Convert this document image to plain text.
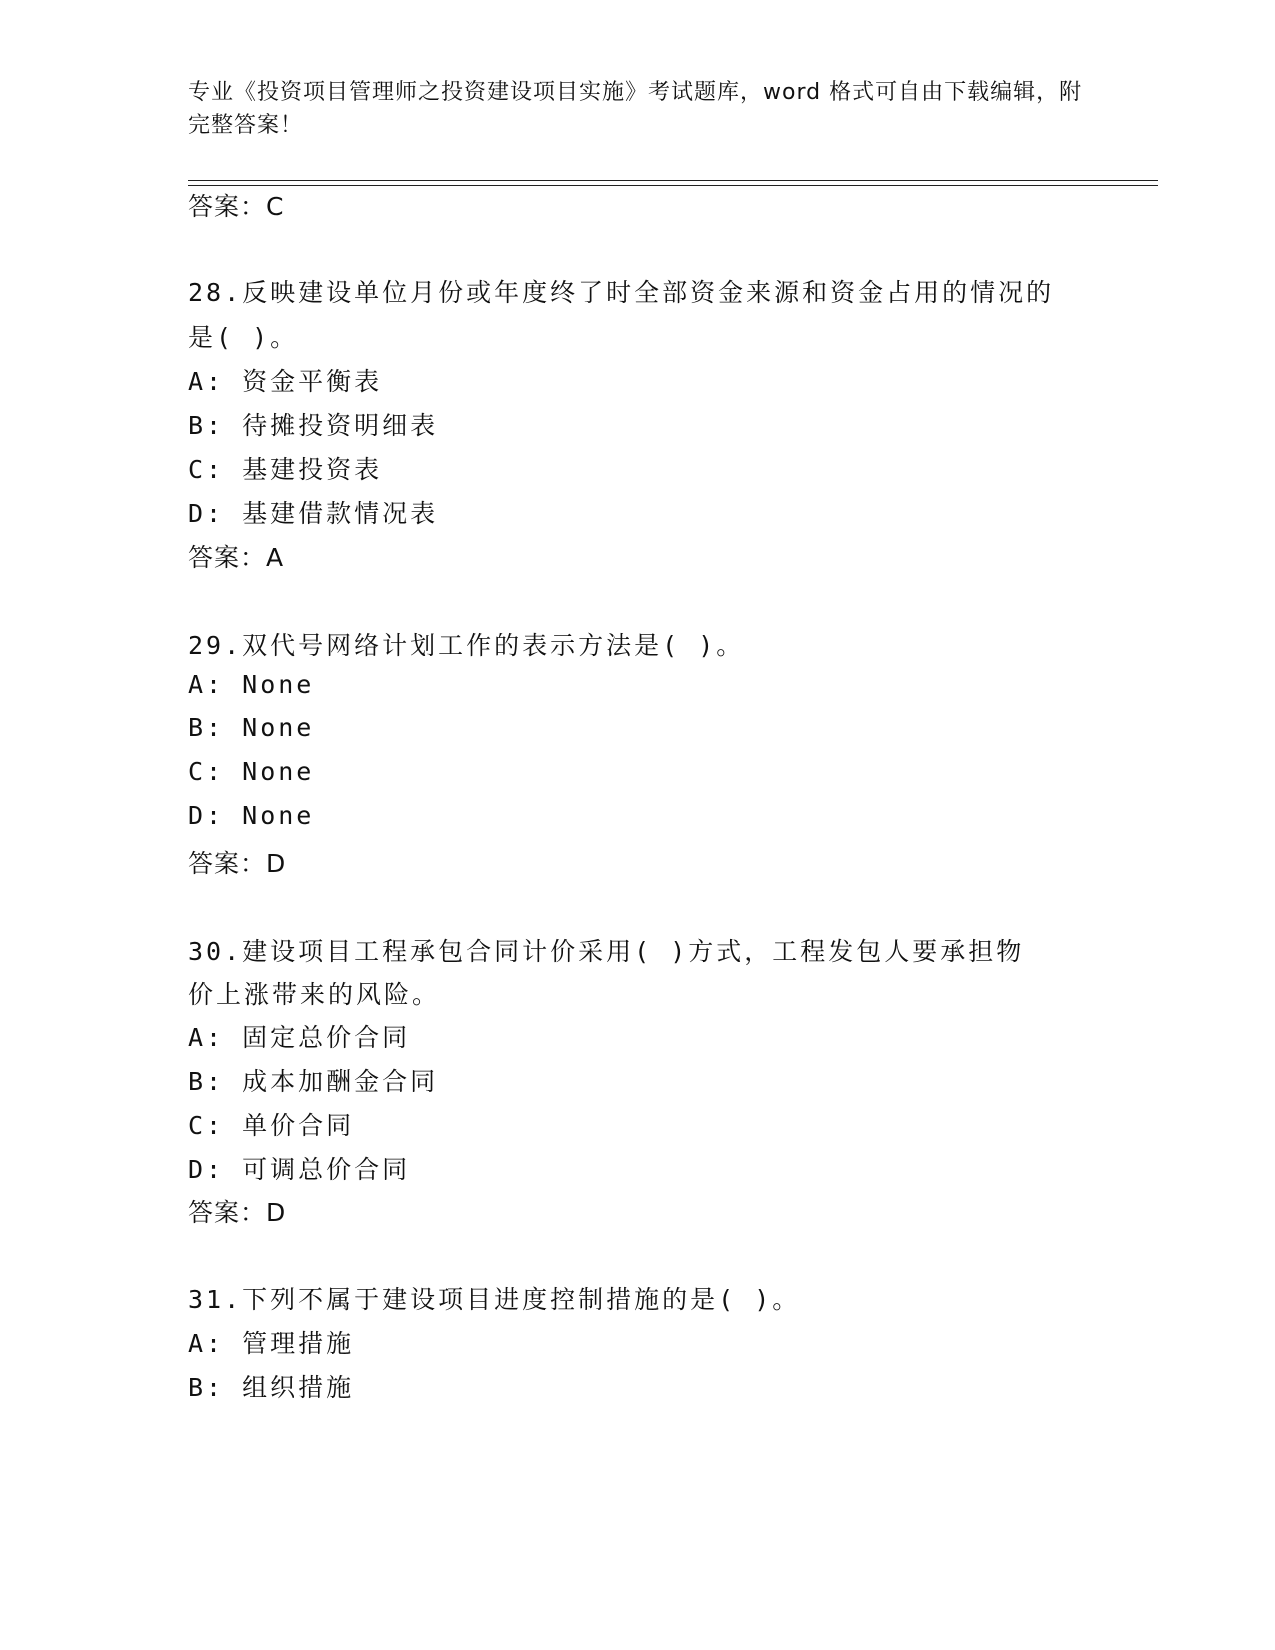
专业《投资项目管理师之投资建设项目实施》考试题库，word 格式可自由下载编辑，附完整答案！
答案：C
28.反映建设单位月份或年度终了时全部资金来源和资金占用的情况的
是( )。
A: 资金平衡表
B: 待摊投资明细表
C: 基建投资表
D: 基建借款情况表
答案：A
29.双代号网络计划工作的表示方法是( )。
A: None
B: None
C: None
D: None
答案：D
30.建设项目工程承包合同计价采用( )方式，工程发包人要承担物
价上涨带来的风险。
A: 固定总价合同
B: 成本加酬金合同
C: 单价合同
D: 可调总价合同
答案：D
31.下列不属于建设项目进度控制措施的是( )。
A: 管理措施
B: 组织措施
